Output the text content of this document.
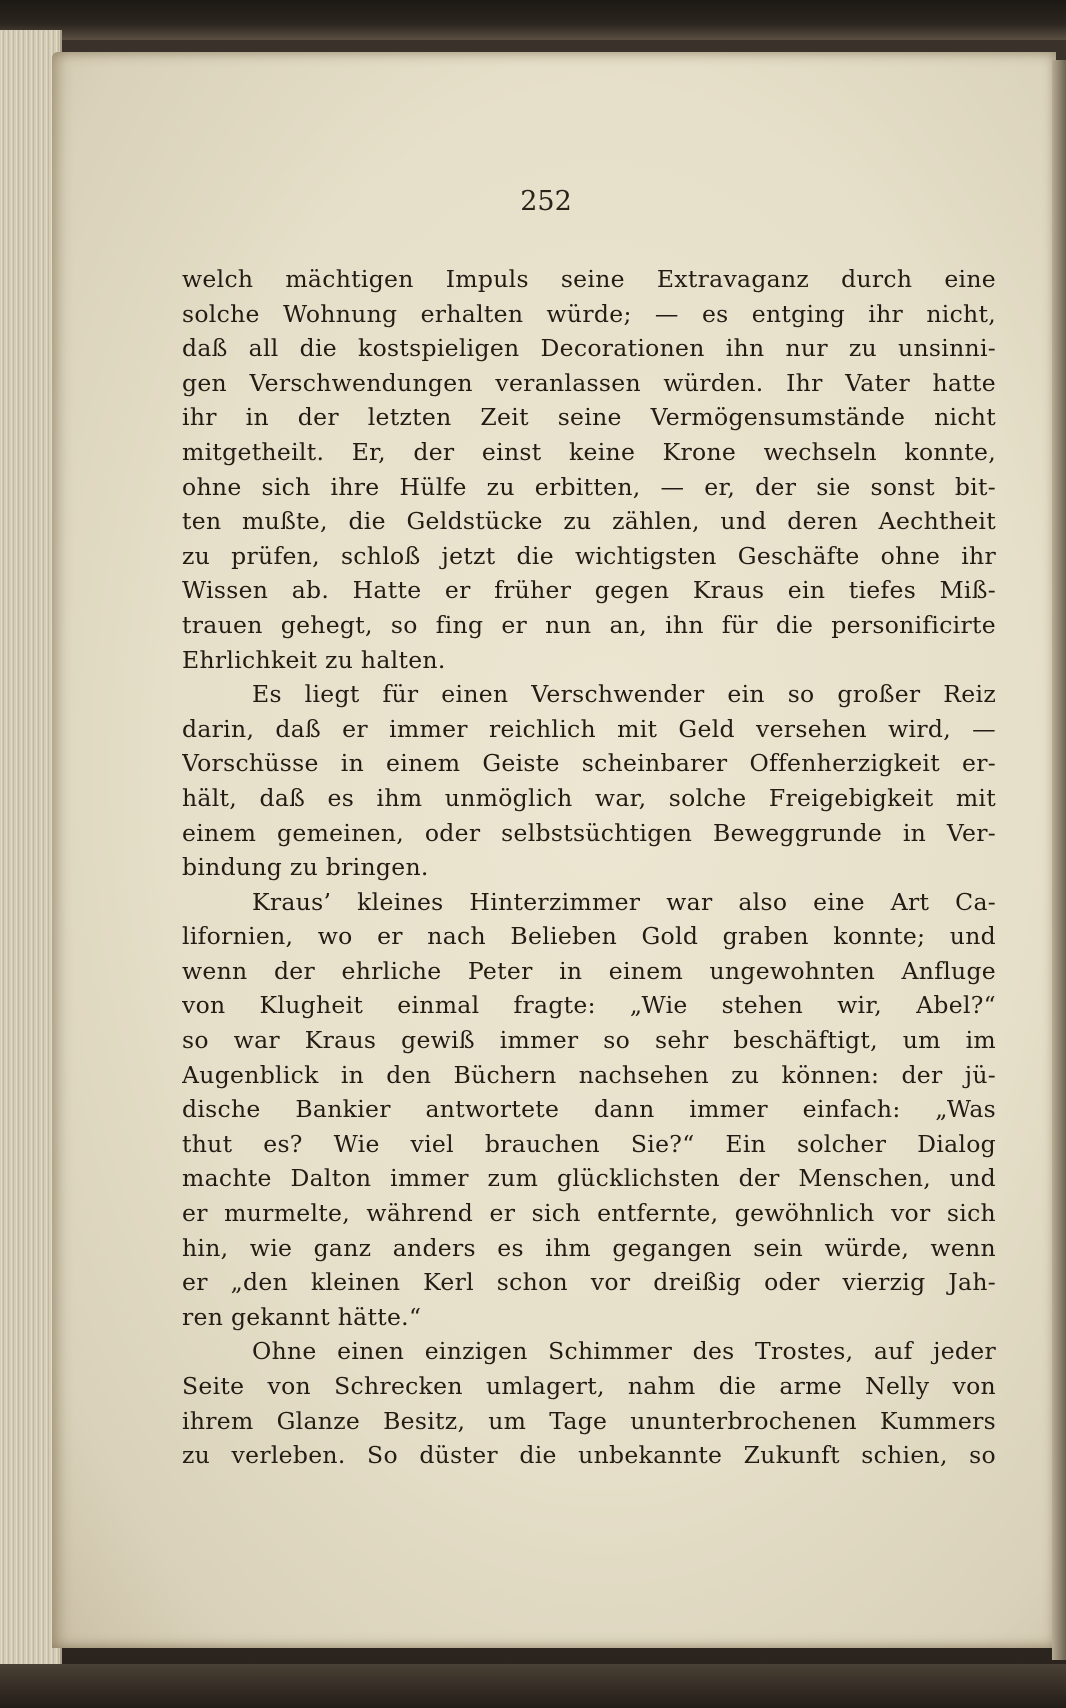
252
welch mächtigen Impuls seine Extravaganz durch eine
solche Wohnung erhalten würde; — es entging ihr nicht,
daß all die kostspieligen Decorationen ihn nur zu unsinni-
gen Verschwendungen veranlassen würden. Ihr Vater hatte
ihr in der letzten Zeit seine Vermögensumstände nicht
mitgetheilt. Er, der einst keine Krone wechseln konnte,
ohne sich ihre Hülfe zu erbitten, — er, der sie sonst bit-
ten mußte, die Geldstücke zu zählen, und deren Aechtheit
zu prüfen, schloß jetzt die wichtigsten Geschäfte ohne ihr
Wissen ab. Hatte er früher gegen Kraus ein tiefes Miß-
trauen gehegt, so fing er nun an, ihn für die personificirte
Ehrlichkeit zu halten.
Es liegt für einen Verschwender ein so großer Reiz
darin, daß er immer reichlich mit Geld versehen wird, —
Vorschüsse in einem Geiste scheinbarer Offenherzigkeit er-
hält, daß es ihm unmöglich war, solche Freigebigkeit mit
einem gemeinen, oder selbstsüchtigen Beweggrunde in Ver-
bindung zu bringen.
Kraus’ kleines Hinterzimmer war also eine Art Ca-
lifornien, wo er nach Belieben Gold graben konnte; und
wenn der ehrliche Peter in einem ungewohnten Anfluge
von Klugheit einmal fragte: „Wie stehen wir, Abel?“
so war Kraus gewiß immer so sehr beschäftigt, um im
Augenblick in den Büchern nachsehen zu können: der jü-
dische Bankier antwortete dann immer einfach: „Was
thut es? Wie viel brauchen Sie?“ Ein solcher Dialog
machte Dalton immer zum glücklichsten der Menschen, und
er murmelte, während er sich entfernte, gewöhnlich vor sich
hin, wie ganz anders es ihm gegangen sein würde, wenn
er „den kleinen Kerl schon vor dreißig oder vierzig Jah-
ren gekannt hätte.“
Ohne einen einzigen Schimmer des Trostes, auf jeder
Seite von Schrecken umlagert, nahm die arme Nelly von
ihrem Glanze Besitz, um Tage ununterbrochenen Kummers
zu verleben. So düster die unbekannte Zukunft schien, so
